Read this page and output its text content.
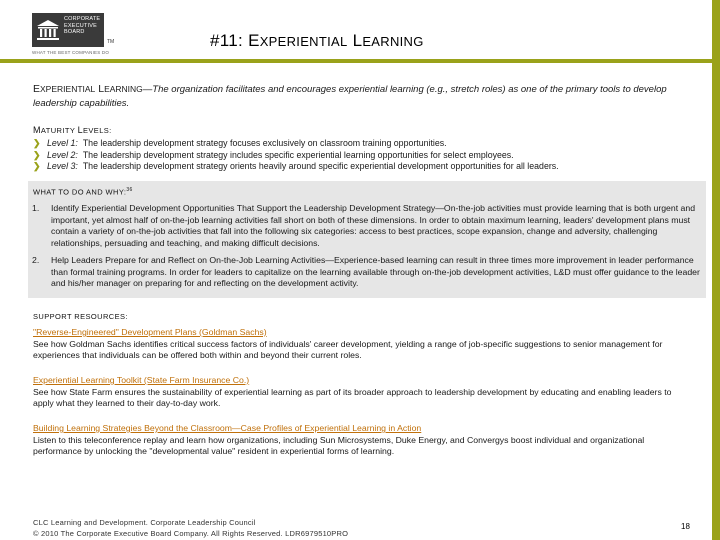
CORPORATE
EXECUTIVE
BOARD
TM
WHAT THE BEST COMPANIES DO
#11: EXPERIENTIAL LEARNING
EXPERIENTIAL LEARNING—The organization facilitates and encourages experiential learning (e.g., stretch roles) as one of the primary tools to develop leadership capabilities.
MATURITY LEVELS:
❯ Level 1: The leadership development strategy focuses exclusively on classroom training opportunities.
❯ Level 2: The leadership development strategy includes specific experiential learning opportunities for select employees.
❯ Level 3: The leadership development strategy orients heavily around specific experiential development opportunities for all leaders.
WHAT TO DO AND WHY:$^{36}$
1.	Identify Experiential Development Opportunities That Support the Leadership Development Strategy—On-the-job activities must provide learning that is both urgent and important, yet almost half of on-the-job learning activities fall short on both of these dimensions. In order to obtain maximum learning, leaders' development plans must contain a variety of on-the-job activities that fall into the following six categories: access to best practices, scope expansion, change and adversity, challenging relationships, persuading and teaching, and making difficult decisions.
2.	Help Leaders Prepare for and Reflect on On-the-Job Learning Activities—Experience-based learning can result in three times more improvement in leader performance than formal training programs. In order for leaders to capitalize on the learning available through on-the-job development activities, L&D must offer guidance to the leader and his/her manager on preparing for and reflecting on the development activity.
SUPPORT RESOURCES:
"Reverse-Engineered" Development Plans (Goldman Sachs)
See how Goldman Sachs identifies critical success factors of individuals' career development, yielding a range of job-specific suggestions to senior management for experiences that individuals can be offered both within and beyond their current roles.
Experiential Learning Toolkit (State Farm Insurance Co.)
See how State Farm ensures the sustainability of experiential learning as part of its broader approach to leadership development by educating and enabling leaders to apply what they learned to their day-to-day work.
Building Learning Strategies Beyond the Classroom—Case Profiles of Experiential Learning in Action
Listen to this teleconference replay and learn how organizations, including Sun Microsystems, Duke Energy, and Convergys boost individual and organizational performance by unlocking the "developmental value" resident in experiential forms of learning.
CLC Learning and Development. Corporate Leadership Council
© 2010 The Corporate Executive Board Company. All Rights Reserved. LDR6979510PRO
18
